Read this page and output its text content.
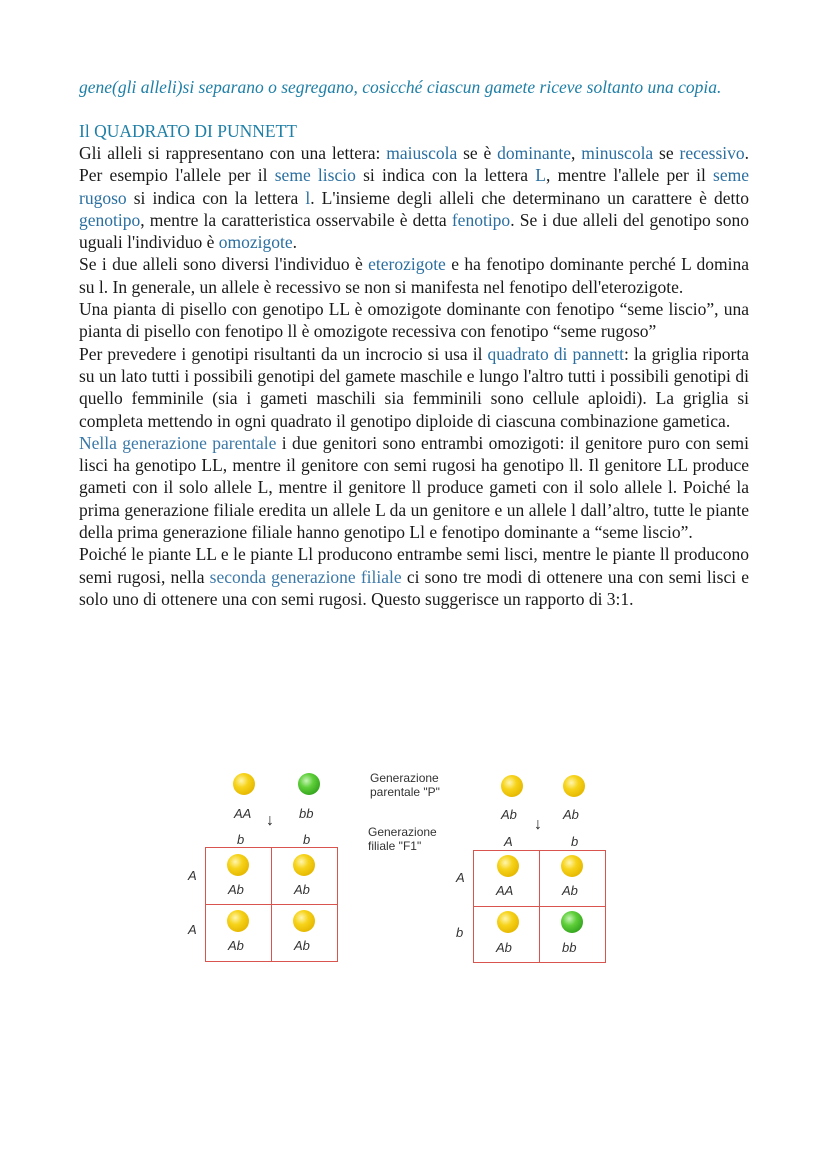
gene(gli alleli)si separano o segregano, cosicché ciascun gamete riceve soltanto una copia.

Il QUADRATO DI PUNNETT

Gli alleli si rappresentano con una lettera: maiuscola se è dominante, minuscola se recessivo. Per esempio l'allele per il seme liscio si indica con la lettera L, mentre l'allele per il seme rugoso si indica con la lettera l. L'insieme degli alleli che determinano un carattere è detto genotipo, mentre la caratteristica osservabile è detta fenotipo. Se i due alleli del genotipo sono uguali l'individuo è omozigote.

Se i due alleli sono diversi l'individuo è eterozigote e ha fenotipo dominante perché L domina su l. In generale, un allele è recessivo se non si manifesta nel fenotipo dell'eterozigote.

Una pianta di pisello con genotipo LL è omozigote dominante con fenotipo “seme liscio”, una pianta di pisello con fenotipo ll è omozigote recessiva con fenotipo “seme rugoso”

Per prevedere i genotipi risultanti da un incrocio si usa il quadrato di pannett: la griglia riporta su un lato tutti i possibili genotipi del gamete maschile e lungo l'altro tutti i possibili genotipi di quello femminile (sia i gameti maschili sia femminili sono cellule aploidi). La griglia si completa mettendo in ogni quadrato il genotipo diploide di ciascuna combinazione gametica.

Nella generazione parentale i due genitori sono entrambi omozigoti: il genitore puro con semi lisci ha genotipo LL, mentre il genitore con semi rugosi ha genotipo ll. Il genitore LL produce gameti con il solo allele L, mentre il genitore ll produce gameti con il solo allele l. Poiché la prima generazione filiale eredita un allele L da un genitore e un allele l dall’altro, tutte le piante della prima generazione filiale hanno genotipo Ll e fenotipo dominante a “seme liscio”.

Poiché le piante LL e le piante Ll producono entrambe semi lisci, mentre le piante ll producono semi rugosi, nella seconda generazione filiale ci sono tre modi di ottenere una con semi lisci e solo uno di ottenere una con semi rugosi. Questo suggerisce un rapporto di 3:1.

AA	bb
↓
b	b
A
A
Ab	Ab
Ab	Ab
Generazione
parentale "P"
Generazione
filiale "F1"
Ab	Ab
↓
A	b
A
b
AA	Ab
Ab	bb
